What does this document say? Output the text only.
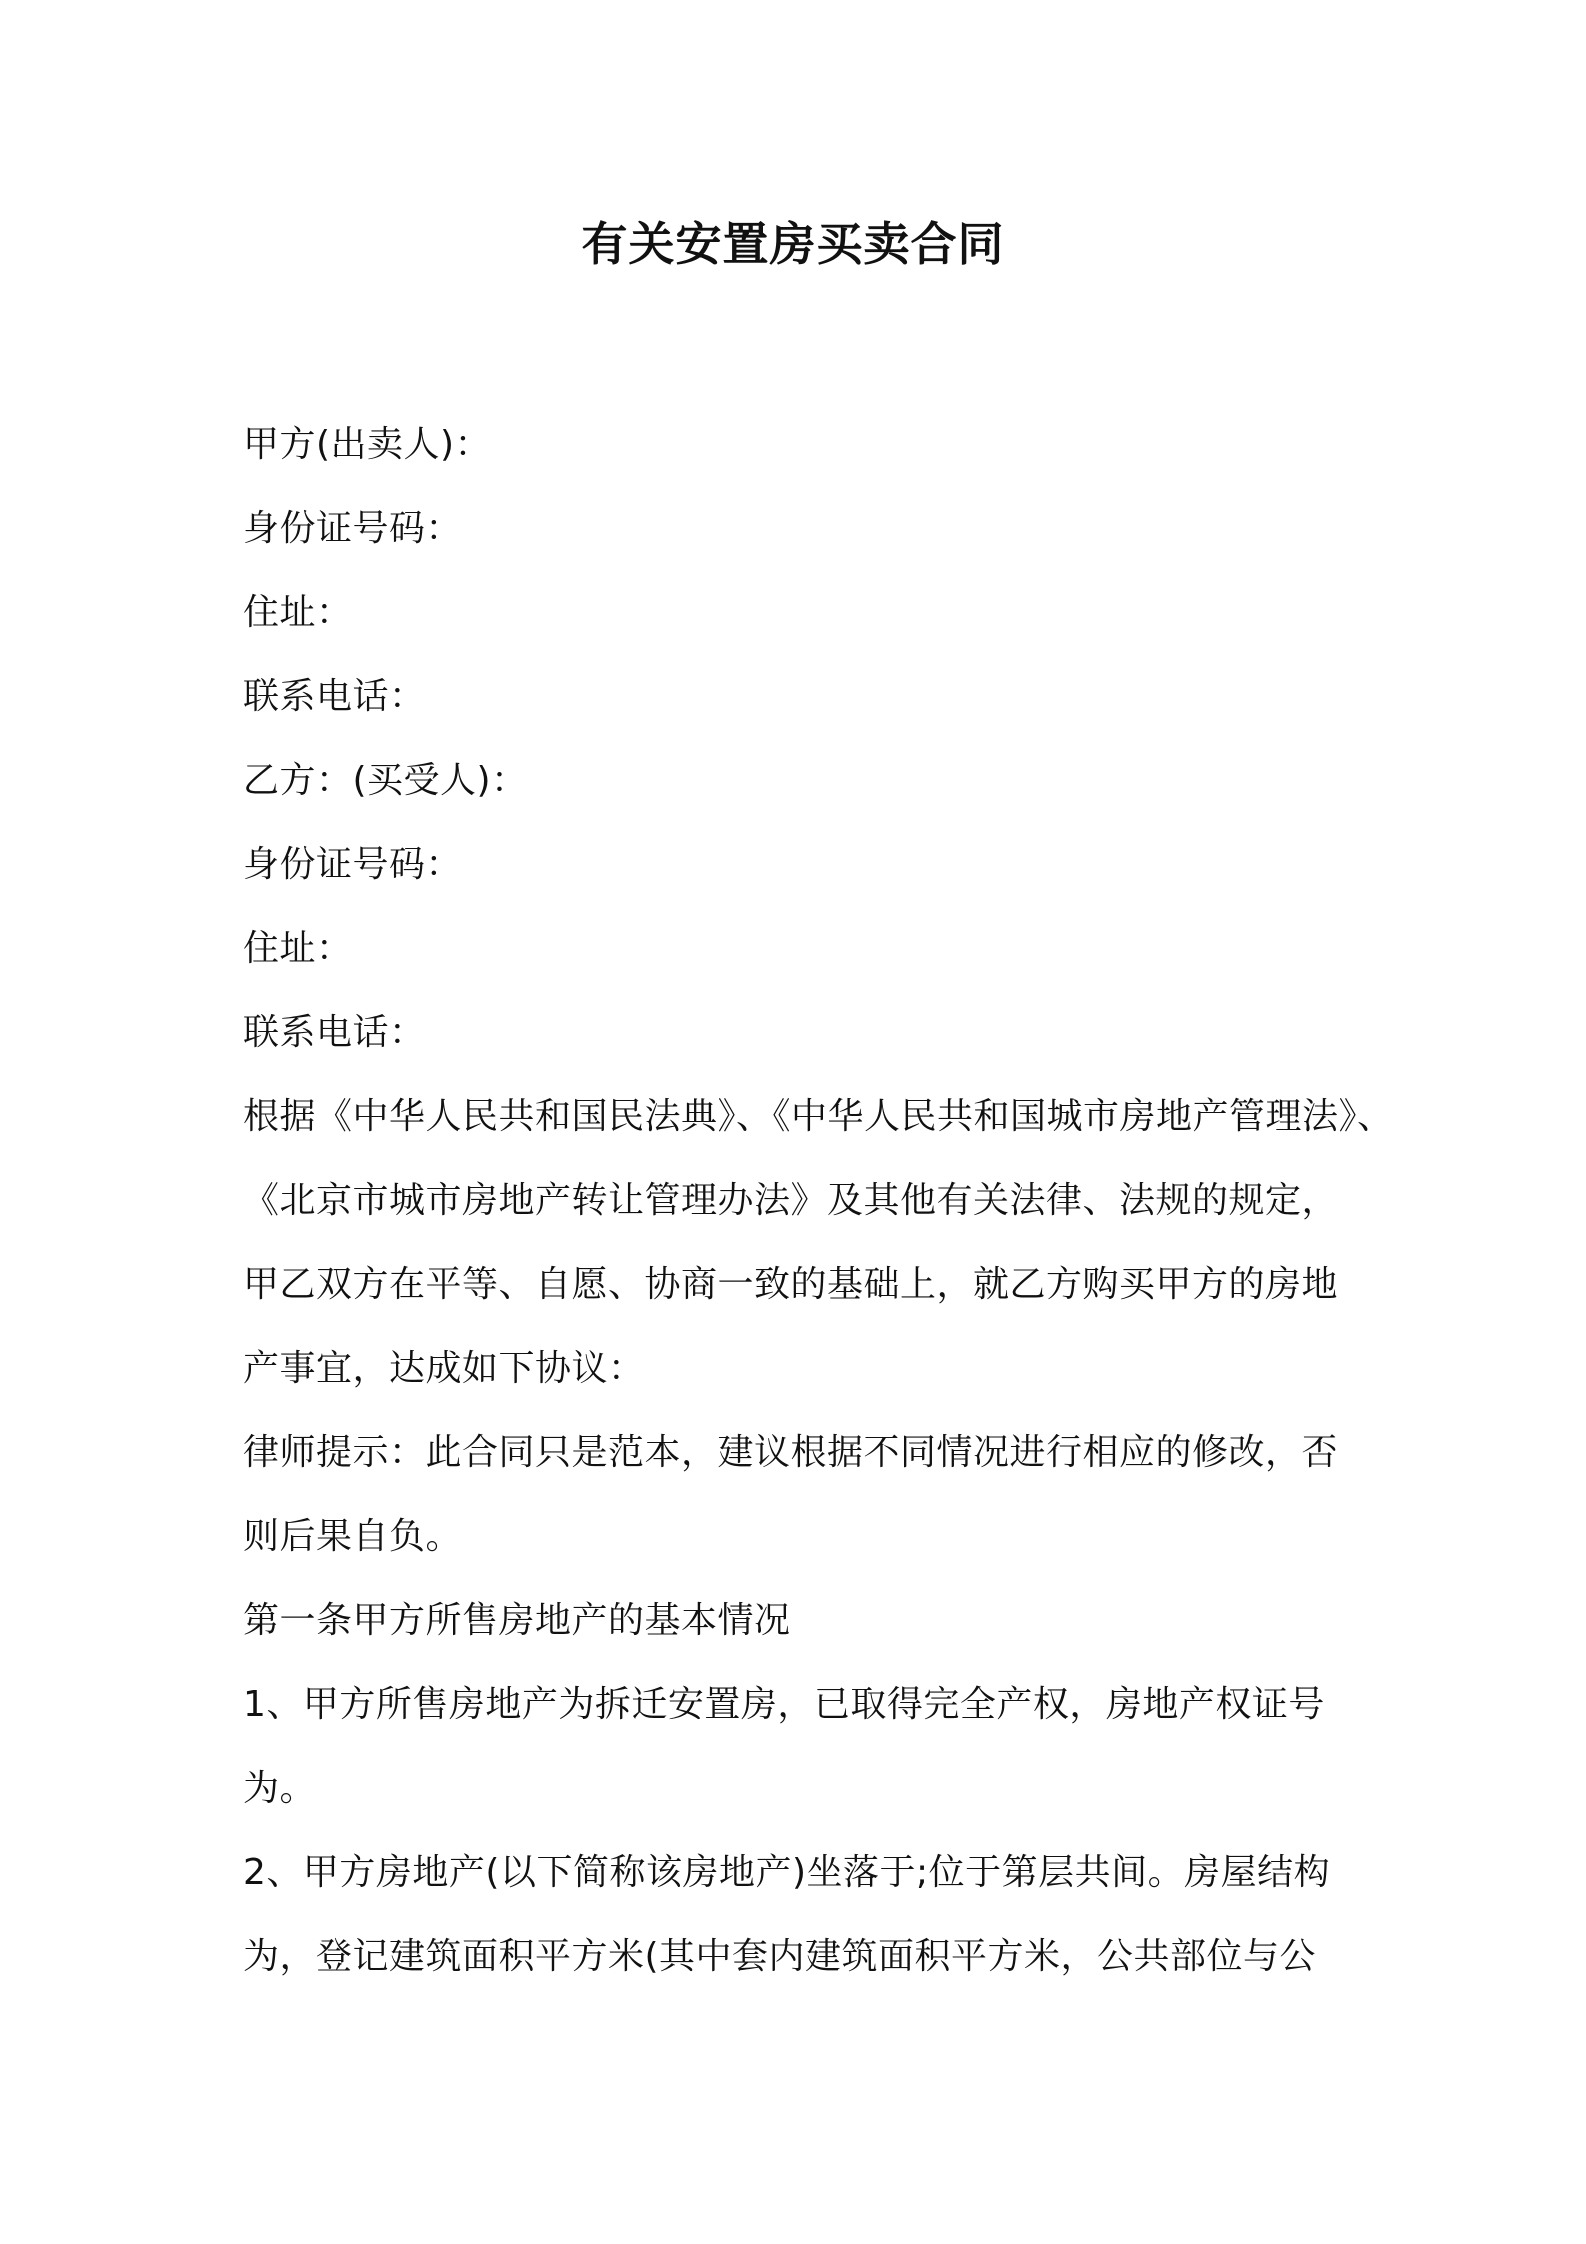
有关安置房买卖合同

甲方(出卖人)：

身份证号码：

住址：

联系电话：

乙方：(买受人)：

身份证号码：

住址：

联系电话：

根据《中华人民共和国民法典》、《中华人民共和国城市房地产管理法》、

《北京市城市房地产转让管理办法》及其他有关法律、法规的规定，

甲乙双方在平等、自愿、协商一致的基础上，就乙方购买甲方的房地

产事宜，达成如下协议：

律师提示：此合同只是范本，建议根据不同情况进行相应的修改，否

则后果自负。

第一条甲方所售房地产的基本情况

1、甲方所售房地产为拆迁安置房，已取得完全产权，房地产权证号

为。

2、甲方房地产(以下简称该房地产)坐落于;位于第层共间。房屋结构

为，登记建筑面积平方米(其中套内建筑面积平方米，公共部位与公
